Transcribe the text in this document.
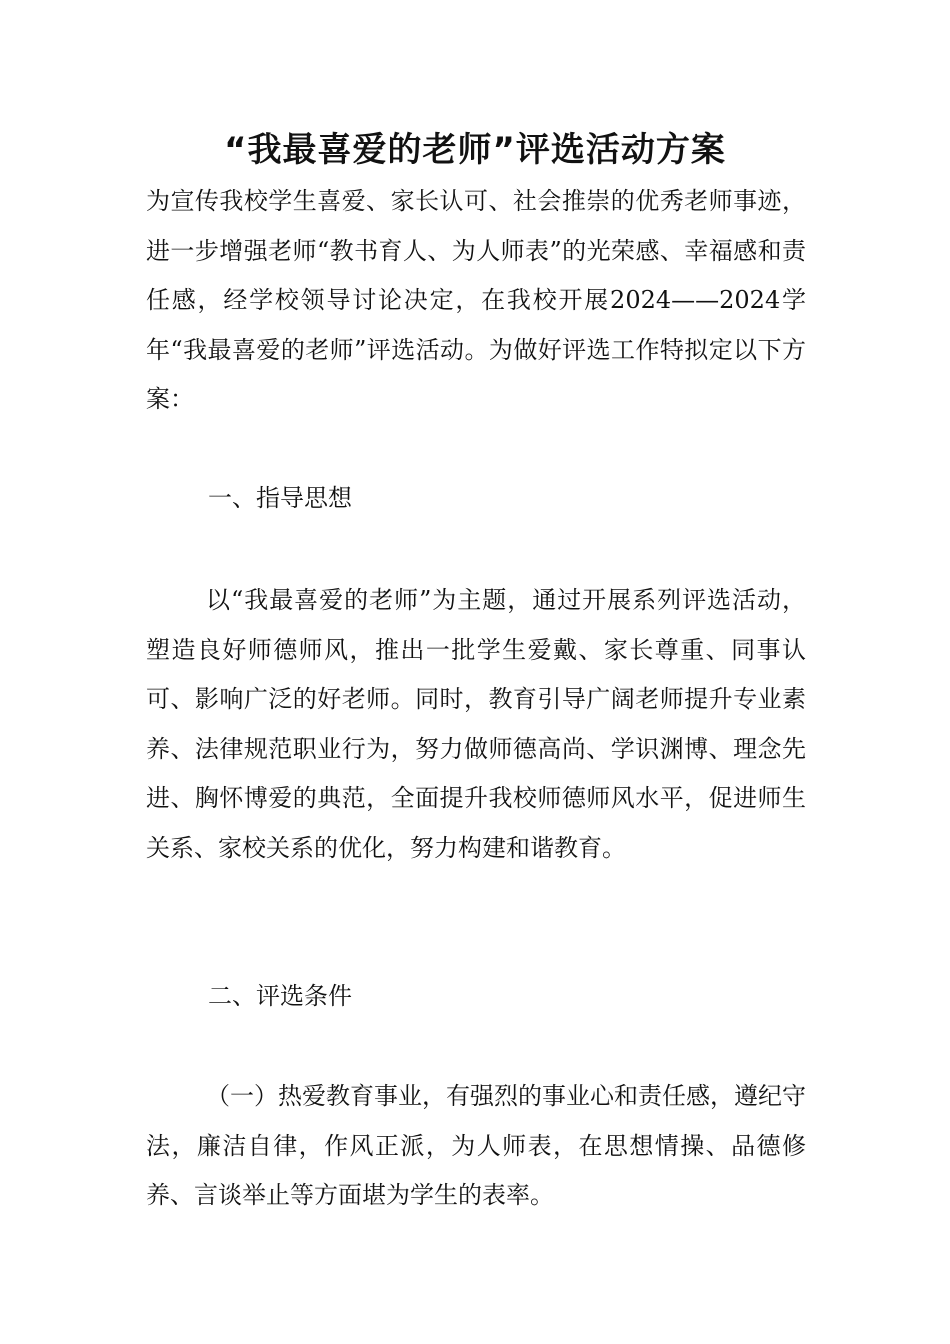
“我最喜爱的老师”评选活动方案

为宣传我校学生喜爱、家长认可、社会推崇的优秀老师事迹，进一步增强老师“教书育人、为人师表”的光荣感、幸福感和责任感，经学校领导讨论决定，在我校开展2024——2024学年“我最喜爱的老师”评选活动。为做好评选工作特拟定以下方案：

一、指导思想

以“我最喜爱的老师”为主题，通过开展系列评选活动，塑造良好师德师风，推出一批学生爱戴、家长尊重、同事认可、影响广泛的好老师。同时，教育引导广阔老师提升专业素养、法律规范职业行为，努力做师德高尚、学识渊博、理念先进、胸怀博爱的典范，全面提升我校师德师风水平，促进师生关系、家校关系的优化，努力构建和谐教育。

二、评选条件

（一）热爱教育事业，有强烈的事业心和责任感，遵纪守法，廉洁自律，作风正派，为人师表，在思想情操、品德修养、言谈举止等方面堪为学生的表率。
